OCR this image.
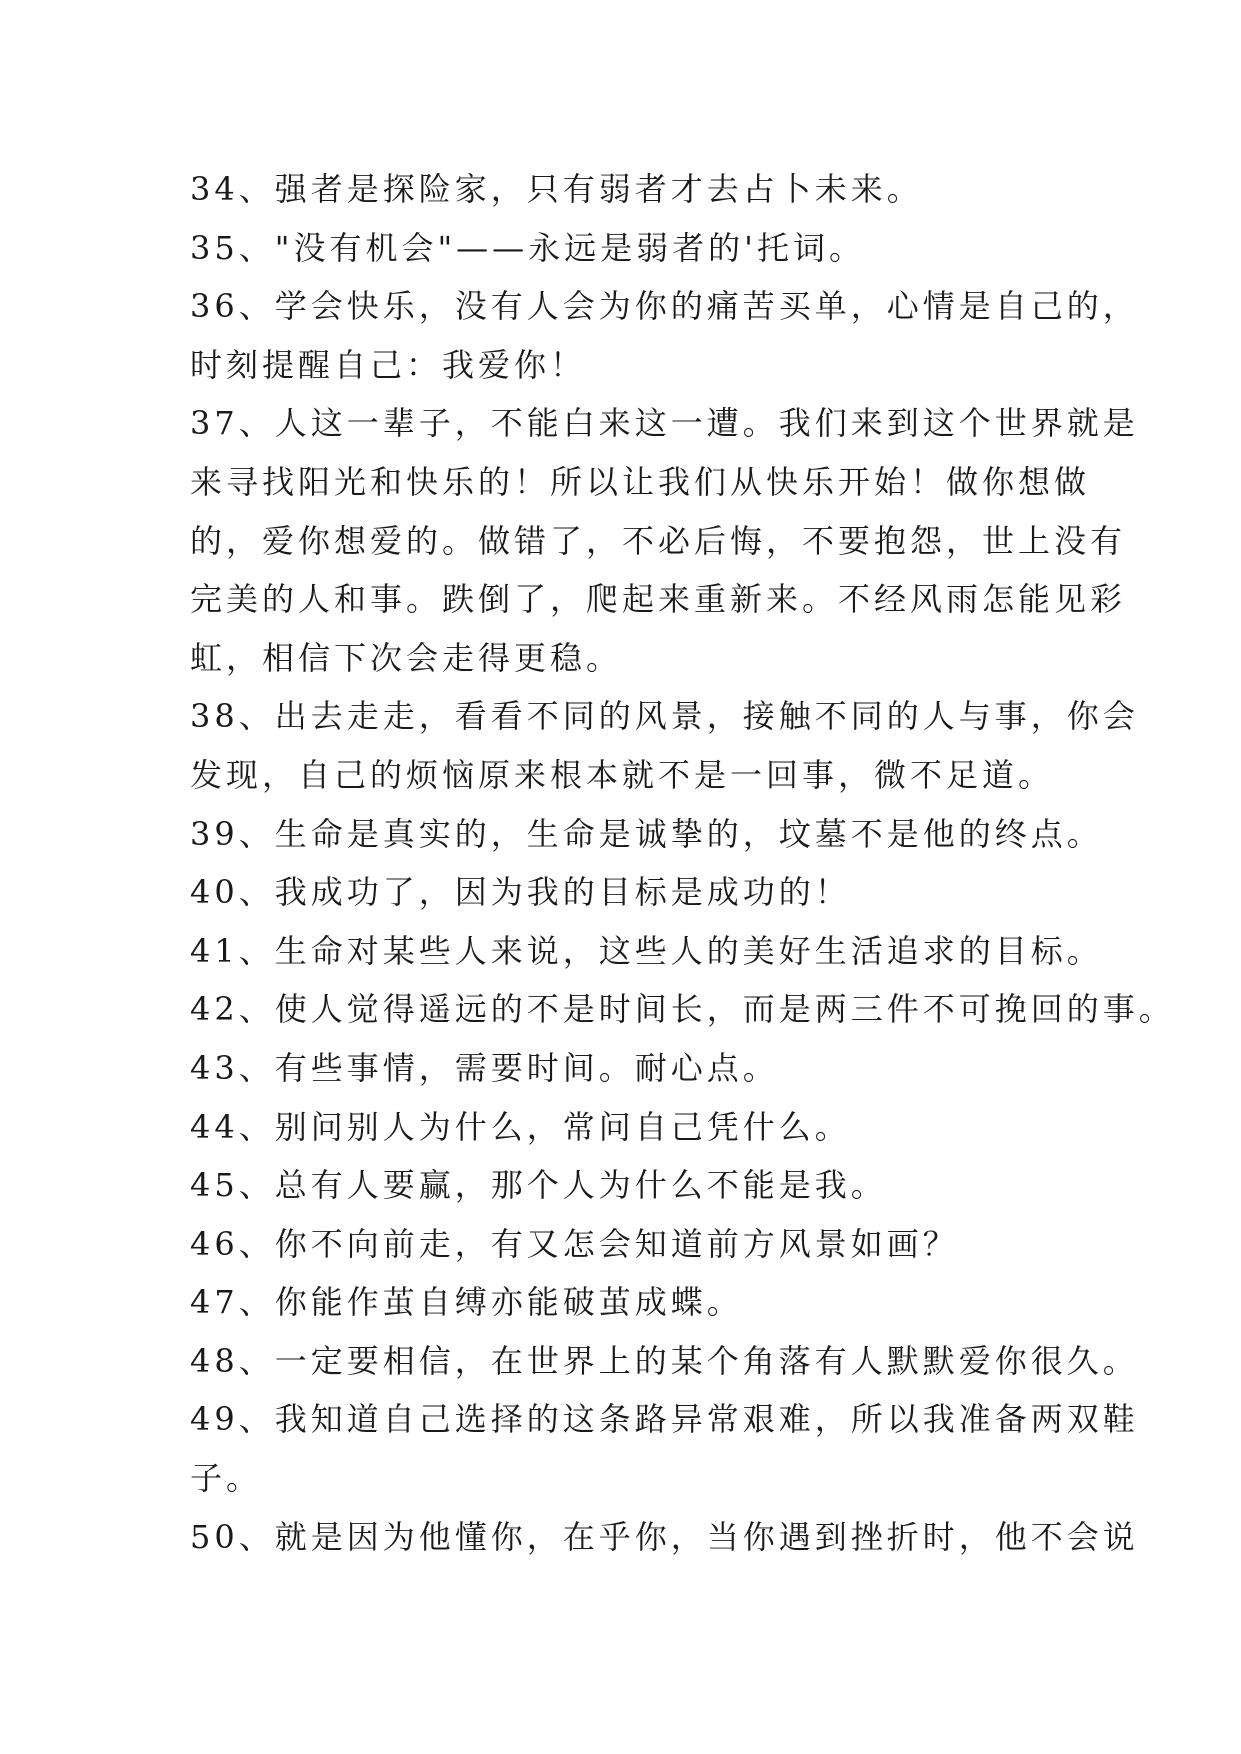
34、强者是探险家，只有弱者才去占卜未来。
35、"没有机会"——永远是弱者的'托词。
36、学会快乐，没有人会为你的痛苦买单，心情是自己的，
时刻提醒自己：我爱你！
37、人这一辈子，不能白来这一遭。我们来到这个世界就是
来寻找阳光和快乐的！所以让我们从快乐开始！做你想做
的，爱你想爱的。做错了，不必后悔，不要抱怨，世上没有
完美的人和事。跌倒了，爬起来重新来。不经风雨怎能见彩
虹，相信下次会走得更稳。
38、出去走走，看看不同的风景，接触不同的人与事，你会
发现，自己的烦恼原来根本就不是一回事，微不足道。
39、生命是真实的，生命是诚挚的，坟墓不是他的终点。
40、我成功了，因为我的目标是成功的！
41、生命对某些人来说，这些人的美好生活追求的目标。
42、使人觉得遥远的不是时间长，而是两三件不可挽回的事。
43、有些事情，需要时间。耐心点。
44、别问别人为什么，常问自己凭什么。
45、总有人要赢，那个人为什么不能是我。
46、你不向前走，有又怎会知道前方风景如画？
47、你能作茧自缚亦能破茧成蝶。
48、一定要相信，在世界上的某个角落有人默默爱你很久。
49、我知道自己选择的这条路异常艰难，所以我准备两双鞋
子。
50、就是因为他懂你，在乎你，当你遇到挫折时，他不会说
